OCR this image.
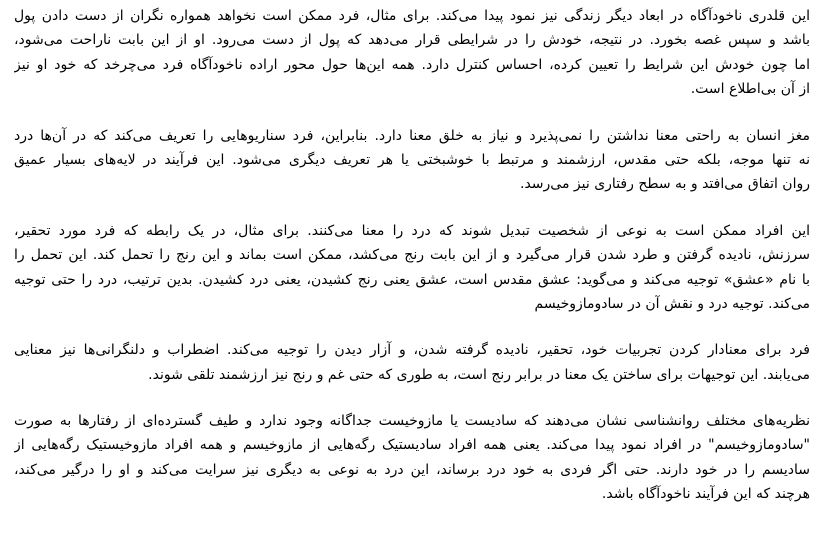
این قلدری ناخودآگاه در ابعاد دیگر زندگی نیز نمود پیدا می‌کند. برای مثال، فرد ممکن است نخواهد همواره نگران از دست دادن پول
باشد و سپس غصه بخورد. در نتیجه، خودش را در شرایطی قرار می‌دهد که پول از دست می‌رود. او از این بابت ناراحت می‌شود،
اما چون خودش این شرایط را تعیین کرده، احساس کنترل دارد. همه این‌ها حول محور اراده ناخودآگاه فرد می‌چرخد که خود او نیز
از آن بی‌اطلاع است.
مغز انسان به راحتی معنا نداشتن را نمی‌پذیرد و نیاز به خلق معنا دارد. بنابراین، فرد سناریوهایی را تعریف می‌کند که در آن‌ها درد
نه تنها موجه، بلکه حتی مقدس، ارزشمند و مرتبط با خوشبختی یا هر تعریف دیگری می‌شود. این فرآیند در لایه‌های بسیار عمیق
روان اتفاق می‌افتد و به سطح رفتاری نیز می‌رسد.
این افراد ممکن است به نوعی از شخصیت تبدیل شوند که درد را معنا می‌کنند. برای مثال، در یک رابطه که فرد مورد تحقیر،
سرزنش، نادیده گرفتن و طرد شدن قرار می‌گیرد و از این بابت رنج می‌کشد، ممکن است بماند و این رنج را تحمل کند. این تحمل را
با نام «عشق» توجیه می‌کند و می‌گوید: عشق مقدس است، عشق یعنی رنج کشیدن، یعنی درد کشیدن. بدین ترتیب، درد را حتی توجیه
می‌کند. توجیه درد و نقش آن در سادومازوخیسم
فرد برای معنادار کردن تجربیات خود، تحقیر، نادیده گرفته شدن، و آزار دیدن را توجیه می‌کند. اضطراب و دلنگرانی‌ها نیز معنایی
می‌یابند. این توجیهات برای ساختن یک معنا در برابر رنج است، به طوری که حتی غم و رنج نیز ارزشمند تلقی شوند.
نظریه‌های مختلف روانشناسی نشان می‌دهند که سادیست یا مازوخیست جداگانه وجود ندارد و طیف گسترده‌ای از رفتارها به صورت
"سادومازوخیسم" در افراد نمود پیدا می‌کند. یعنی همه افراد سادیستیک رگه‌هایی از مازوخیسم و همه افراد مازوخیستیک رگه‌هایی از
سادیسم را در خود دارند. حتی اگر فردی به خود درد برساند، این درد به نوعی به دیگری نیز سرایت می‌کند و او را درگیر می‌کند،
هرچند که این فرآیند ناخودآگاه باشد.
